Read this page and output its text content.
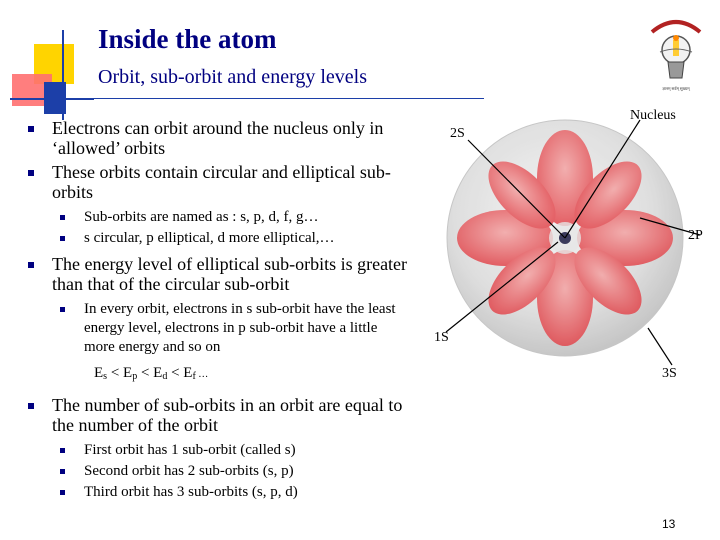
Inside the atom
Orbit, sub-orbit and energy levels
ज्ञानम् सर्वम् सुख्यम्
Electrons can orbit around the nucleus only in ‘allowed’ orbits
These orbits contain circular and elliptical sub-orbits
Sub-orbits are named as : s, p, d, f, g…
s circular, p elliptical, d more elliptical,…
The energy level of elliptical sub-orbits is greater than that of the circular sub-orbit
In every orbit, electrons in s sub-orbit have the least energy level, electrons in p sub-orbit have a little more energy and so on
$E_s < E_p < E_d < E_f$ …
The number of sub-orbits in an orbit are equal to the number of the orbit
First orbit has 1 sub-orbit (called s)
Second orbit has 2 sub-orbits (s, p)
Third orbit has 3 sub-orbits (s, p, d)
Nucleus
2S
2P
1S
3S
13
